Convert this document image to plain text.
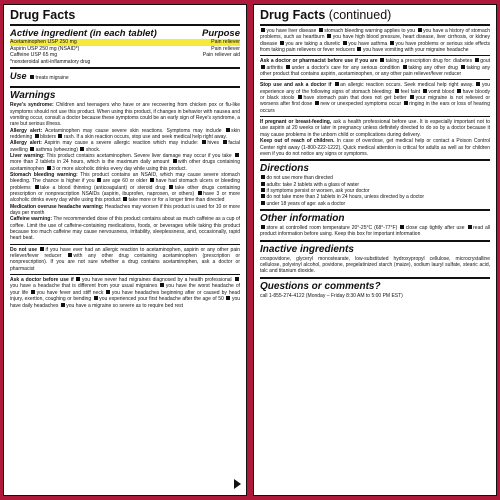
Drug Facts
Active ingredient (in each tablet)	Purpose
Acetaminophen USP 250 mg	Pain reliever
Aspirin USP 250 mg (NSAID*)	Pain reliever
Caffeine USP 65 mg	Pain reliever aid
*nonsteroidal anti-inflammatory drug
Use treats migraine
Warnings

Reye's syndrome: Children and teenagers who have or are recovering from chicken pox or flu-like symptoms should not use this product. When using this product, if changes in behavior with nausea and vomiting occur, consult a doctor because these symptoms could be an early sign of Reye's syndrome, a rare but serious illness.

Allergy alert: Acetaminophen may cause severe skin reactions. Symptoms may include skin reddening blisters rash. If a skin reaction occurs, stop use and seek medical help right away.

Allergy alert: Aspirin may cause a severe allergic reaction which may include: hives facial swelling asthma (wheezing) shock.

Liver warning: This product contains acetaminophen. Severe liver damage may occur if you take more than 2 tablets in 24 hours, which is the maximum daily amount with other drugs containing acetaminophen 3 or more alcoholic drinks every day while using this product.

Stomach bleeding warning: This product contains an NSAID, which may cause severe stomach bleeding. The chance is higher if you are age 60 or older have had stomach ulcers or bleeding problems take a blood thinning (anticoagulant) or steroid drug take other drugs containing prescription or nonprescription NSAIDs (aspirin, ibuprofen, naproxen, or others) have 3 or more alcoholic drinks every day while using this product take more or for a longer time than directed

Medication overuse headache warning: Headaches may worsen if this product is used for 10 or more days per month

Caffeine warning: The recommended dose of this product contains about as much caffeine as a cup of coffee. Limit the use of caffeine-containing medications, foods, or beverages while taking this product because too much caffeine may cause nervousness, irritability, sleeplessness, and, occasionally, rapid heart beat.

Do not use if you have ever had an allergic reaction to acetaminophen, aspirin or any other pain reliever/fever reducer with any other drug containing acetaminophen (prescription or nonprescription). If you are not sure whether a drug contains acetaminophen, ask a doctor or pharmacist

Ask a doctor before use if you have never had migraines diagnosed by a health professional you have a headache that is different from your usual migraines you have the worst headache of your life you have fever and stiff neck you have headaches beginning after or caused by head injury, exertion, coughing or bending you experienced your first headache after the age of 50 you have daily headaches you have a migraine so severe as to require bed rest

Drug Facts (continued)

you have liver disease stomach bleeding warning applies to you you have a history of stomach problems, such as heartburn you have high blood pressure, heart disease, liver cirrhosis, or kidney disease you are taking a diuretic you have asthma you have problems or serious side effects from taking pain relievers or fever reducers you have vomiting with your migraine headache

Ask a doctor or pharmacist before use if you are taking a prescription drug for: diabetes gout arthritis under a doctor's care for any serious condition taking any other drug taking any other product that contains aspirin, acetaminophen, or any other pain reliever/fever reducer

Stop use and ask a doctor if an allergic reaction occurs. Seek medical help right away. you experience any of the following signs of stomach bleeding: feel faint vomit blood have bloody or black stools have stomach pain that does not get better your migraine is not relieved or worsens after first dose new or unexpected symptoms occur ringing in the ears or loss of hearing occurs

If pregnant or breast-feeding, ask a health professional before use. It is especially important not to use aspirin at 20 weeks or later in pregnancy unless definitely directed to do so by a doctor because it may cause problems in the unborn child or complications during delivery.

Keep out of reach of children. In case of overdose, get medical help or contact a Poison Control Center right away (1-800-222-1222). Quick medical attention is critical for adults as well as for children even if you do not notice any signs or symptoms.

Directions

do not use more than directed

adults: take 2 tablets with a glass of water

if symptoms persist or worsen, ask your doctor

do not take more than 2 tablets in 24 hours, unless directed by a doctor

under 18 years of age: ask a doctor

Other information

store at controlled room temperature 20°-25°C (68°-77°F) close cap tightly after use read all product information before using. Keep this box for important information

Inactive ingredients
crospovidone, glyceryl monostearate, low-substituted hydroxypropyl cellulose, microcrystalline cellulose, polyvinyl alcohol, povidone, pregelatinized starch (maize), sodium lauryl sulfate, stearic acid, talc and titanium dioxide.
Questions or comments?
call 1-855-274-4122 (Monday – Friday 8:30 AM to 5:00 PM EST)
